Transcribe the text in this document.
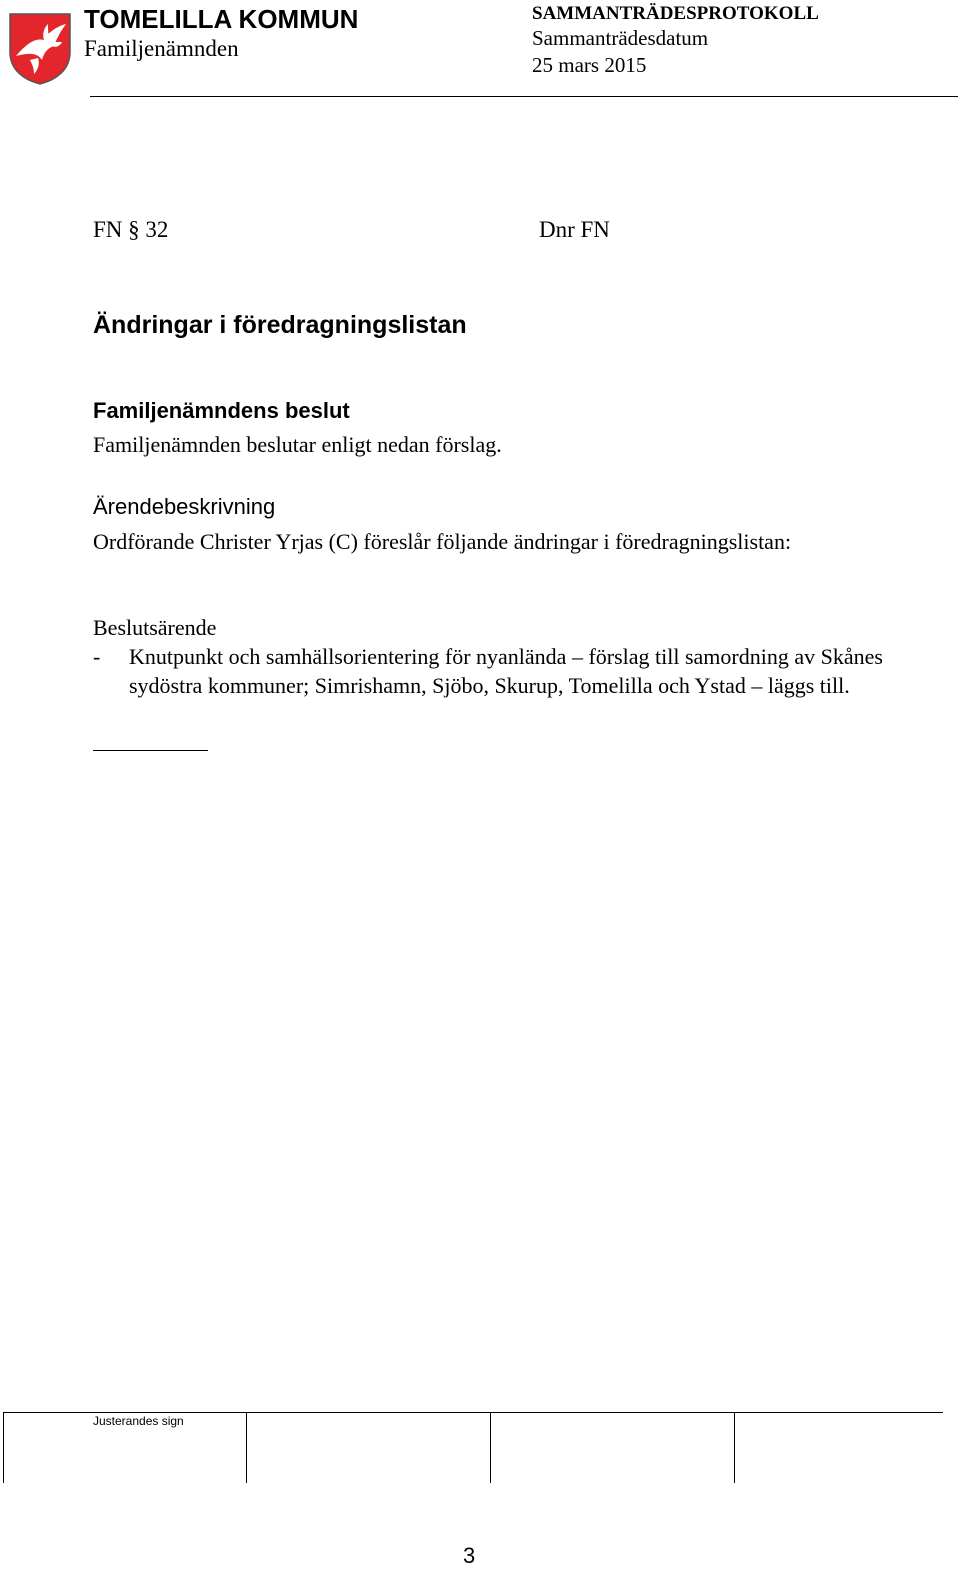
TOMELILLA KOMMUN
Familjenämnden
SAMMANTRÄDESPROTOKOLL
Sammanträdesdatum
25 mars 2015
FN § 32	Dnr FN
Ändringar i föredragningslistan
Familjenämndens beslut
Familjenämnden beslutar enligt nedan förslag.
Ärendebeskrivning
Ordförande Christer Yrjas (C) föreslår följande ändringar i föredragningslistan:
Beslutsärende
- Knutpunkt och samhällsorientering för nyanlända – förslag till samordning av Skånes sydöstra kommuner; Simrishamn, Sjöbo, Skurup, Tomelilla och Ystad – läggs till.
Justerandes sign
3
